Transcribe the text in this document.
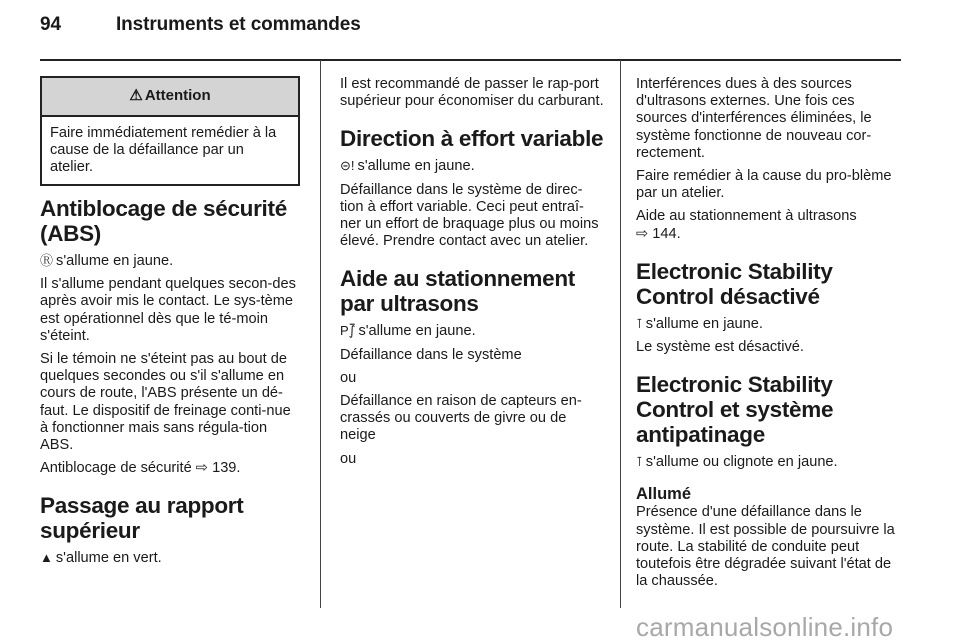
94	Instruments et commandes
⚠ Attention
Faire immédiatement remédier à la cause de la défaillance par un atelier.
Antiblocage de sécurité (ABS)

Ⓡ s'allume en jaune.

Il s'allume pendant quelques secon-des après avoir mis le contact. Le sys-tème est opérationnel dès que le té-moin s'éteint.

Si le témoin ne s'éteint pas au bout de quelques secondes ou s'il s'allume en cours de route, l'ABS présente un dé-faut. Le dispositif de freinage conti-nue à fonctionner mais sans régula-tion ABS.

Antiblocage de sécurité ⇨ 139.

Passage au rapport supérieur

▲ s'allume en vert.

Il est recommandé de passer le rap-port supérieur pour économiser du carburant.

Direction à effort variable

⊝! s'allume en jaune.

Défaillance dans le système de direc-tion à effort variable. Ceci peut entraî-ner un effort de braquage plus ou moins élevé. Prendre contact avec un atelier.

Aide au stationnement par ultrasons

P⨛ s'allume en jaune.

Défaillance dans le système

ou

Défaillance en raison de capteurs en-crassés ou couverts de givre ou de neige

ou

Interférences dues à des sources d'ultrasons externes. Une fois ces sources d'interférences éliminées, le système fonctionne de nouveau cor-rectement.

Faire remédier à la cause du pro-blème par un atelier.

Aide au stationnement à ultrasons
⇨ 144.

Electronic Stability Control désactivé

⊺ s'allume en jaune.

Le système est désactivé.

Electronic Stability Control et système antipatinage

⊺ s'allume ou clignote en jaune.

Allumé

Présence d'une défaillance dans le système. Il est possible de poursuivre la route. La stabilité de conduite peut toutefois être dégradée suivant l'état de la chaussée.

carmanualsonline.info
